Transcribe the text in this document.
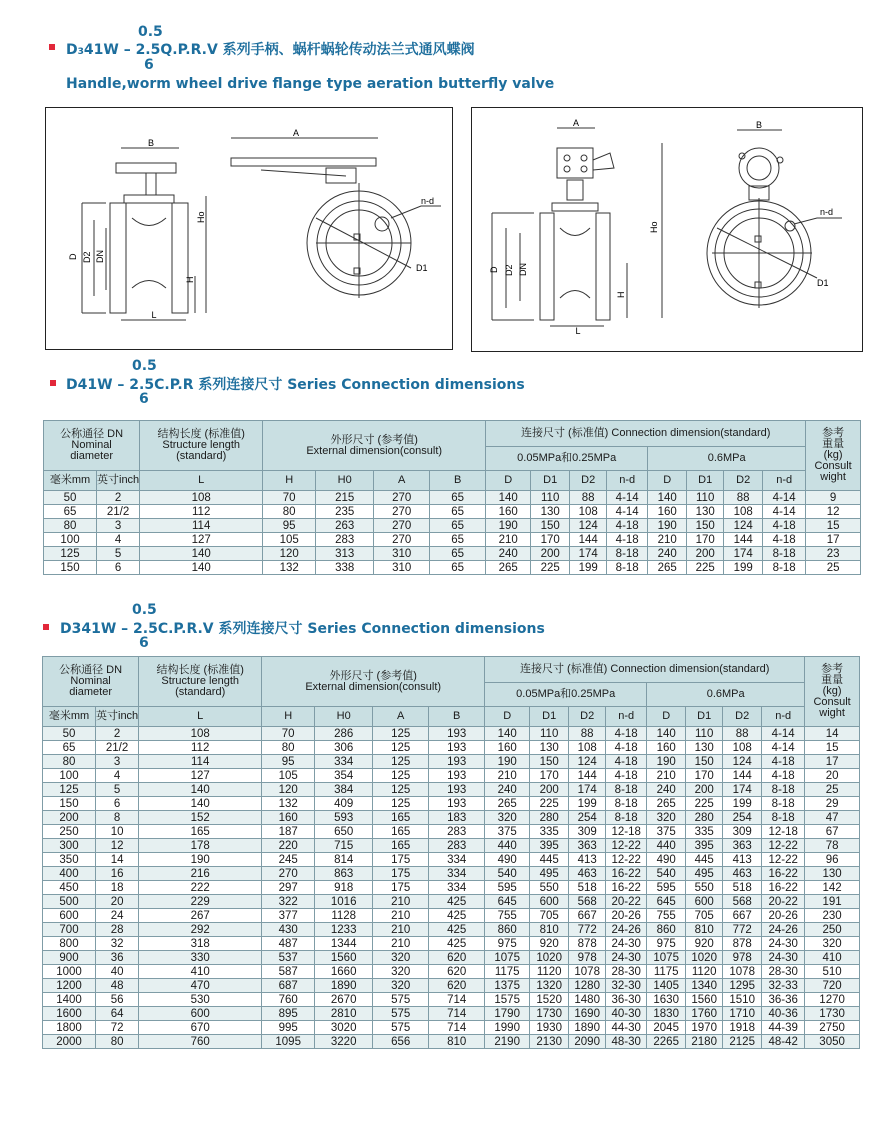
0.5
D341W – 2.5Q.P.R.V 系列手柄、蜗杆蜗轮传动法兰式通风蝶阀
6
Handle,worm wheel drive flange type aeration butterfly valve
B
A
D D2 DN
Ho
H
L
n-d
D1
A	B
D D2 DN
Ho
H
L
n-d
D1
0.5
D41W – 2.5C.P.R 系列连接尺寸 Series Connection dimensions
6
公称通径 DN
Nominal
diameter		结构长度 (标准值)
Structure length
(standard)	外形尺寸 (参考值)
External dimension(consult)				连接尺寸 (标准值) Connection dimension(standard)								参考
重量
(kg)
Consult
wight
							0.05MPa和0.25MPa				0.6MPa				
毫米mm	英寸inch	L	H	H0	A	B	D	D1	D2	n-d	D	D1	D2	n-d	
50	2	108	70	215	270	65	140	110	88	4-14	140	110	88	4-14	9
65	21/2	112	80	235	270	65	160	130	108	4-14	160	130	108	4-14	12
80	3	114	95	263	270	65	190	150	124	4-18	190	150	124	4-18	15
100	4	127	105	283	270	65	210	170	144	4-18	210	170	144	4-18	17
125	5	140	120	313	310	65	240	200	174	8-18	240	200	174	8-18	23
150	6	140	132	338	310	65	265	225	199	8-18	265	225	199	8-18	25
0.5
D341W – 2.5C.P.R.V 系列连接尺寸 Series Connection dimensions
6
公称通径 DN
Nominal
diameter		结构长度 (标准值)
Structure length
(standard)	外形尺寸 (参考值)
External dimension(consult)				连接尺寸 (标准值) Connection dimension(standard)								参考
重量
(kg)
Consult
wight
							0.05MPa和0.25MPa				0.6MPa				
毫米mm	英寸inch	L	H	H0	A	B	D	D1	D2	n-d	D	D1	D2	n-d	
50	2	108	70	286	125	193	140	110	88	4-18	140	110	88	4-14	14
65	21/2	112	80	306	125	193	160	130	108	4-18	160	130	108	4-14	15
80	3	114	95	334	125	193	190	150	124	4-18	190	150	124	4-18	17
100	4	127	105	354	125	193	210	170	144	4-18	210	170	144	4-18	20
125	5	140	120	384	125	193	240	200	174	8-18	240	200	174	8-18	25
150	6	140	132	409	125	193	265	225	199	8-18	265	225	199	8-18	29
200	8	152	160	593	165	183	320	280	254	8-18	320	280	254	8-18	47
250	10	165	187	650	165	283	375	335	309	12-18	375	335	309	12-18	67
300	12	178	220	715	165	283	440	395	363	12-22	440	395	363	12-22	78
350	14	190	245	814	175	334	490	445	413	12-22	490	445	413	12-22	96
400	16	216	270	863	175	334	540	495	463	16-22	540	495	463	16-22	130
450	18	222	297	918	175	334	595	550	518	16-22	595	550	518	16-22	142
500	20	229	322	1016	210	425	645	600	568	20-22	645	600	568	20-22	191
600	24	267	377	1128	210	425	755	705	667	20-26	755	705	667	20-26	230
700	28	292	430	1233	210	425	860	810	772	24-26	860	810	772	24-26	250
800	32	318	487	1344	210	425	975	920	878	24-30	975	920	878	24-30	320
900	36	330	537	1560	320	620	1075	1020	978	24-30	1075	1020	978	24-30	410
1000	40	410	587	1660	320	620	1175	1120	1078	28-30	1175	1120	1078	28-30	510
1200	48	470	687	1890	320	620	1375	1320	1280	32-30	1405	1340	1295	32-33	720
1400	56	530	760	2670	575	714	1575	1520	1480	36-30	1630	1560	1510	36-36	1270
1600	64	600	895	2810	575	714	1790	1730	1690	40-30	1830	1760	1710	40-36	1730
1800	72	670	995	3020	575	714	1990	1930	1890	44-30	2045	1970	1918	44-39	2750
2000	80	760	1095	3220	656	810	2190	2130	2090	48-30	2265	2180	2125	48-42	3050
